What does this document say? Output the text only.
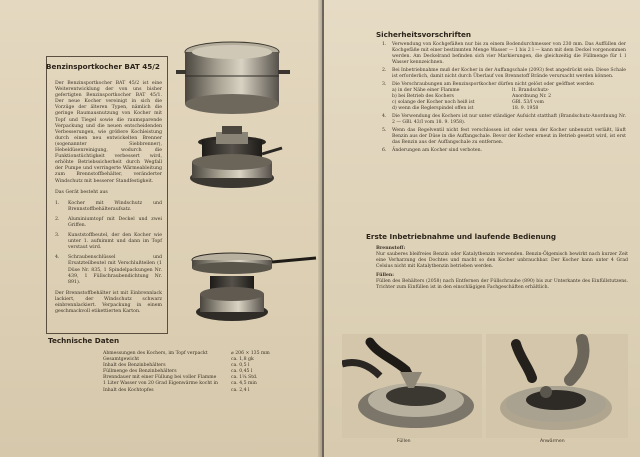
Der Benzinsportkocher BAT 45/2 ist eine Weiterentwicklung der von uns bisher gefertigten Benzinsportkocher BAT 45/1. Der neue Kocher vereinigt in sich die Vorzüge der älteren Typen, nämlich die geringe Raumausnutzung von Kocher mit Topf und Tiegel sowie die raumsparende Verpackung und die neuen entscheidenden Verbesserungen, wie größere Kochleistung durch einen neu entwickelten Brenner (sogenannter Siebbrenner), Hebeldüsenreinigung, wodurch die Funktionstüchtigkeit verbessert wird, erhöhte Betriebssicherheit durch Wegfall der Pumpe und verringerte Wärmeableitung zum Brennstoffbehälter, veränderter Windschutz mit besserer Standfestigkeit.

Das Gerät besteht aus

1. Kocher mit Windschutz und Brennstoffbehälteraufsatz.
2. Aluminiumtopf mit Deckel und zwei Griffen.
3. Kunststoffbeutel, der den Kocher wie unter 1. aufnimmt und dann im Topf verstaut wird.
4. Schraubenschlüssel und Ersatzteilbeutel mit Verschlußteilen (1 Düse Nr. 835, 1 Spindelpackungen Nr. 439, 1 Füllschraubendichtung Nr. 891).

Der Brennstoffbehälter ist mit Einbrennlack lackiert, der Windschutz schwarz einbrennlackiert. Verpackung in einem geschmackvoll etikettierten Karton.

Benzinsportkocher BAT 45/2
Technische Daten
Abmessungen des Kochers, im Topf verpackt	⌀ 206 × 135 mm
Gesamtgewicht	ca. 1,8 gk
Inhalt des Benzinbehälters	ca. 0,5 l
Füllmenge des Benzinbehälters	ca. 0,45 l
Brenndauer mit einer Füllung bei voller Flamme	ca. 1¼ Std.
1 Liter Wasser von 20 Grad Eigenwärme kocht in	ca. 4,5 min
Inhalt des Kochtopfes	ca. 2,4 l
Sicherheitsvorschriften
1. Verwendung von Kochgefäßen nur bis zu einem Bodendurchmesser von 230 mm. Das Auffüllen der Kochgefäße mit einer bestimmten Menge Wasser — 1 bis 2 l — kann mit dem Deckel vorgenommen werden. Am Deckelrand befinden sich vier Markierungen, die gleichzeitig die Füllmenge für 1 l Wasser kennzeichnen.
2. Bei Inbetriebnahme muß der Kocher in der Auffangschale (2093) fest angedrückt sein. Diese Schale ist erforderlich, damit nicht durch Überlauf von Brennstoff Brände verursacht werden können.
3. Die Verschraubungen am Benzinsportkocher dürfen nicht gelöst oder geöffnet werden
a) in der Nähe einer Flamme	lt. Brandschutz-
b) bei Betrieb des Kochers	Anordnung Nr. 2
c) solange der Kocher noch heiß ist	GBl. 53/I vom
d) wenn die Reglerspindel offen ist	18. 9. 1958
4. Die Verwendung des Kochers ist nur unter ständiger Aufsicht statthaft (Brandschutz-Anordnung Nr. 2 — GBl. 43/I vom 18. 9. 1958).
5. Wenn das Regelventil nicht fest verschlossen ist oder wenn der Kocher unbenutzt verläßt, läuft Benzin aus der Düse in die Auffangschale. Bevor der Kocher erneut in Betrieb gesetzt wird, ist erst das Benzin aus der Auffangschale zu entfernen.
6. Änderungen am Kocher sind verboten.
Erste Inbetriebnahme und laufende Bedienung
Brennstoff:

Nur sauberes bleifreies Benzin oder Katalytbenzin verwenden. Benzin-Ölgemisch bewirkt nach kurzer Zeit eine Verharzung des Dochtes und macht so den Kocher unbrauchbar. Der Kocher kann unter 4 Grad Celsius nicht mit Katalytbenzin betrieben werden.

Füllen:

Füllen des Behälters (2058) nach Entfernen der Füllschraube (890) bis zur Unterkante des Einfüllstutzens. Trichter zum Einfüllen ist in den einschlägigen Fachgeschäften erhältlich.

Füllen	Anwärmen
